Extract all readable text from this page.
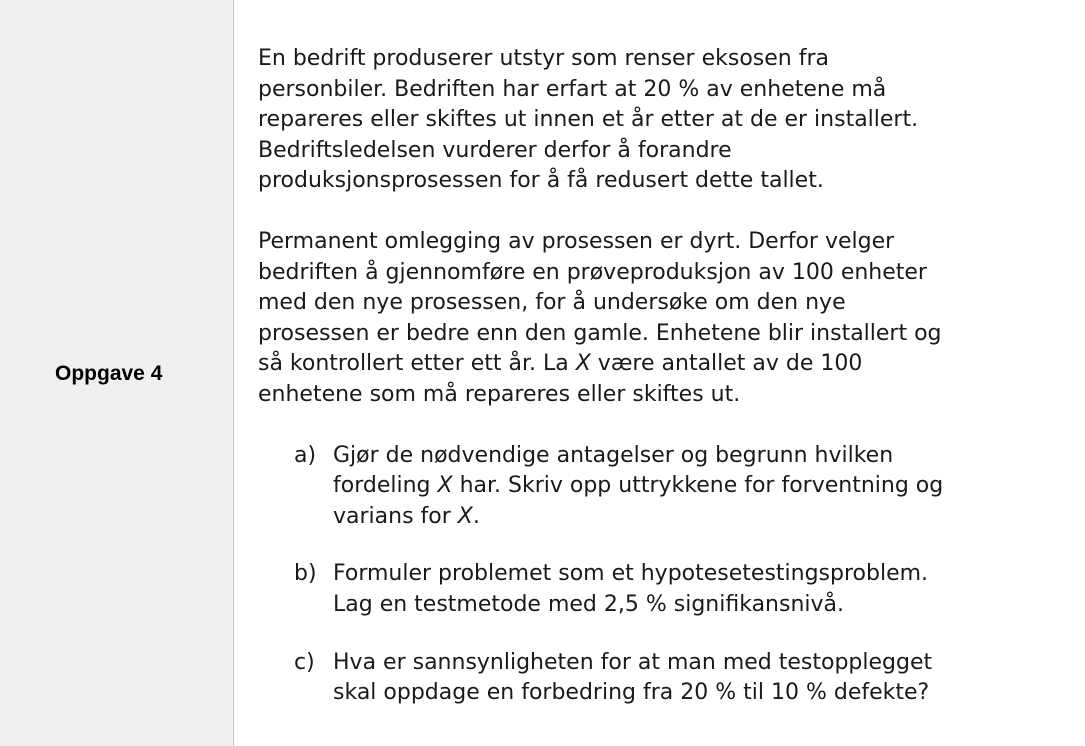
Oppgave 4

En bedrift produserer utstyr som renser eksosen fra
personbiler. Bedriften har erfart at 20 % av enhetene må
repareres eller skiftes ut innen et år etter at de er installert.
Bedriftsledelsen vurderer derfor å forandre
produksjonsprosessen for å få redusert dette tallet.

Permanent omlegging av prosessen er dyrt. Derfor velger
bedriften å gjennomføre en prøveproduksjon av 100 enheter
med den nye prosessen, for å undersøke om den nye
prosessen er bedre enn den gamle. Enhetene blir installert og
så kontrollert etter ett år. La X være antallet av de 100
enhetene som må repareres eller skiftes ut.

a) Gjør de nødvendige antagelser og begrunn hvilken
fordeling X har. Skriv opp uttrykkene for forventning og
varians for X.
b) Formuler problemet som et hypotesetestingsproblem.
Lag en testmetode med 2,5 % signifikansnivå.
c) Hva er sannsynligheten for at man med testopplegget
skal oppdage en forbedring fra 20 % til 10 % defekte?
